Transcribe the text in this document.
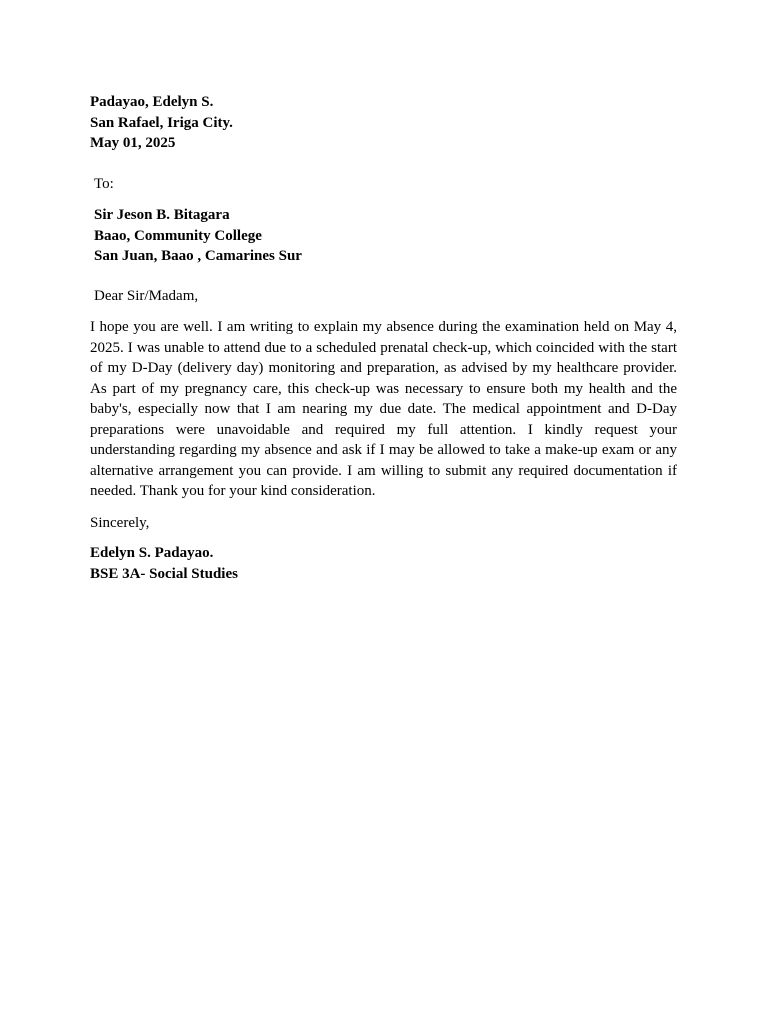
Padayao, Edelyn S.
San Rafael, Iriga City.
May 01, 2025
To:
Sir Jeson B. Bitagara
Baao, Community College
San Juan, Baao , Camarines Sur
Dear Sir/Madam,

I hope you are well. I am writing to explain my absence during the examination held on May 4, 2025. I was unable to attend due to a scheduled prenatal check-up, which coincided with the start of my D-Day (delivery day) monitoring and preparation, as advised by my healthcare provider. As part of my pregnancy care, this check-up was necessary to ensure both my health and the baby's, especially now that I am nearing my due date. The medical appointment and D-Day preparations were unavoidable and required my full attention. I kindly request your understanding regarding my absence and ask if I may be allowed to take a make-up exam or any alternative arrangement you can provide. I am willing to submit any required documentation if needed. Thank you for your kind consideration.

Sincerely,
Edelyn S. Padayao.
BSE 3A- Social Studies
